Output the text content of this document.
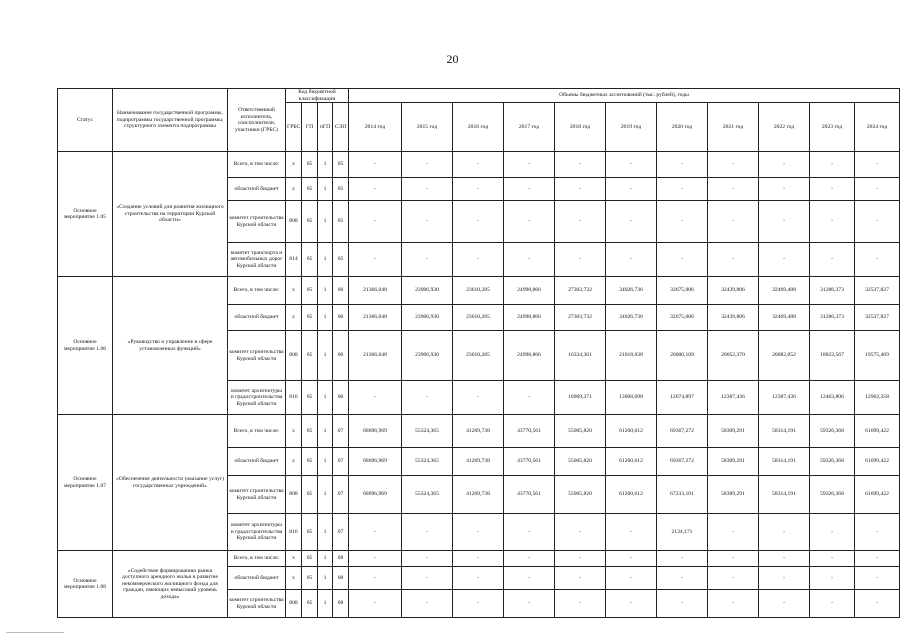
20
Статус	Наименование государственной программы, подпрограммы государственной программы, структурного элемента подпрограммы	Ответственный исполнитель, соисполнители, участники (ГРБС)	Код бюджетной классификации				Объемы бюджетных ассигнований (тыс. рублей), годы										
			ГРБС	ГП	пГП	СЭП	2014 год	2015 год	2016 год	2017 год	2018 год	2019 год	2020 год	2021 год	2022 год	2023 год	2024 год
Основное мероприятие 1.05	«Создание условий для развития жилищного строительства на территории Курской области»	Всего, в том числе:	х	05	1	05	-	-	-	-	-	-	-	-	-	-	-
		областной бюджет	х	05	1	05	-	-	-	-	-	-	-	-	-	-	-
		комитет строительства Курской области	808	05	1	05	-	-	-	-	-	-	-	-	-	-	-
		комитет транспорта и автомобильных дорог Курской области	814	05	1	05	-	-	-	-	-	-	-	-	-	-	-
Основное мероприятие 1.06	«Руководство и управление в сфере установленных функций»	Всего, в том числе:	х	05	1	06	21366,048	23906,930	23610,285	24998,866	27303,732	34026,736	32675,006	32439,806	32469,488	31286,373	32537,827
		областной бюджет	х	05	1	06	21366,048	23906,930	23610,285	24998,866	27303,732	34026,736	32675,006	32439,806	32469,488	31286,373	32537,827
		комитет строительства Курской области	808	05	1	06	21366,048	23906,930	23610,285	24998,866	16334,361	21018,038	20000,109	20052,370	20082,052	18822,567	19575,469
		комитет архитектуры и градостроительства Курской области	816	05	1	06	-	-	-	-	10969,371	13008,698	12674,897	12387,436	12387,436	12463,806	12962,358
Основное мероприятие 1.07	«Обеспечение деятельности (оказание услуг) государственных учреждений»	Всего, в том числе:	х	05	1	07	68696,969	55324,365	41269,738	43770,561	55005,820	61260,612	69367,272	58309,291	58314,191	59326,368	61699,422
		областной бюджет	х	05	1	07	68696,969	55324,365	41269,738	43770,561	55005,820	61260,612	69367,272	58309,291	58314,191	59326,368	61699,422
		комитет строительства Курской области	808	05	1	07	68696,969	55324,365	41269,738	43770,561	55005,820	61260,612	67233,101	58309,291	58314,191	59326,368	61699,422
		комитет архитектуры и градостроительства Курской области	816	05	1	07	-	-	-	-	-	-	2134,171	-	-	-	-
Основное мероприятие 1.08	«Содействие формированию рынка доступного арендного жилья и развитие некоммерческого жилищного фонда для граждан, имеющих невысокий уровень дохода»	Всего, в том числе:	х	05	1	08	-	-	-	-	-	-	-	-	-	-	-
		областной бюджет	х	05	1	08	-	-	-	-	-	-	-	-	-	-	-
		комитет строительства Курской области	808	05	1	08	-	-	-	-	-	-	-	-	-	-	-
